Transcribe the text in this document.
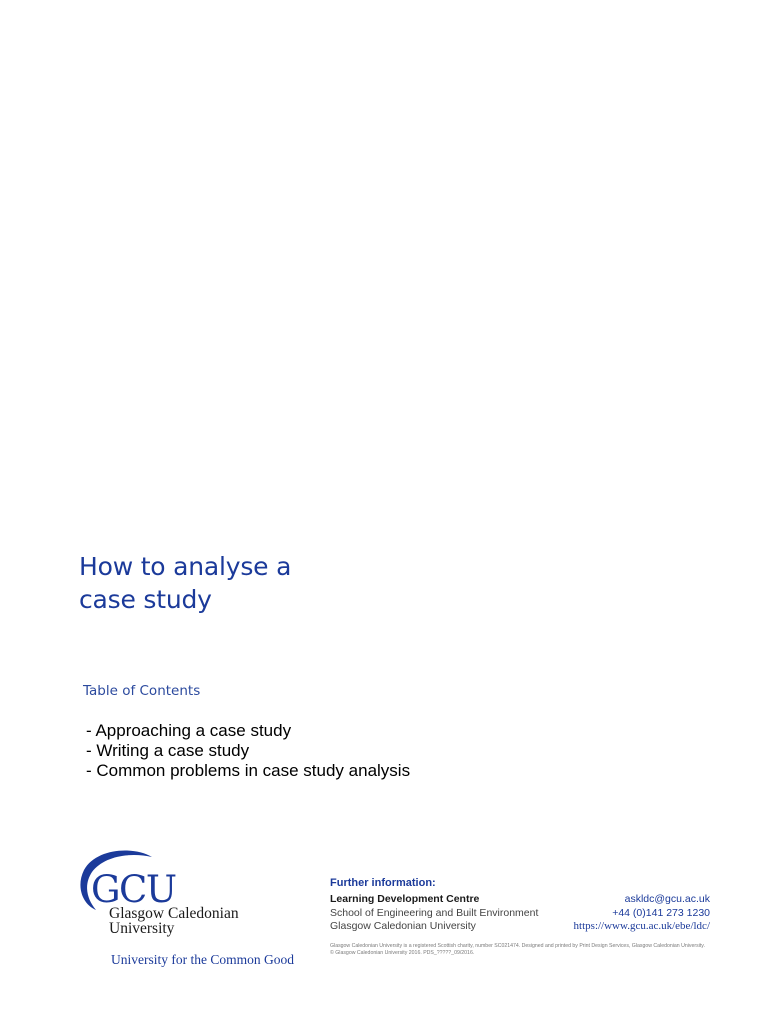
How to analyse a
case study
Table of Contents
- Approaching a case study
- Writing a case study
- Common problems in case study analysis
GCU
Glasgow Caledonian
University
University for the Common Good
Further information:
Learning Development Centre	askldc@gcu.ac.uk
School of Engineering and Built Environment	+44 (0)141 273 1230
Glasgow Caledonian University	https://www.gcu.ac.uk/ebe/ldc/
Glasgow Caledonian University is a registered Scottish charity, number SC021474. Designed and printed by Print Design Services, Glasgow Caledonian University. © Glasgow Caledonian University 2016. PDS_?????_09/2016.
